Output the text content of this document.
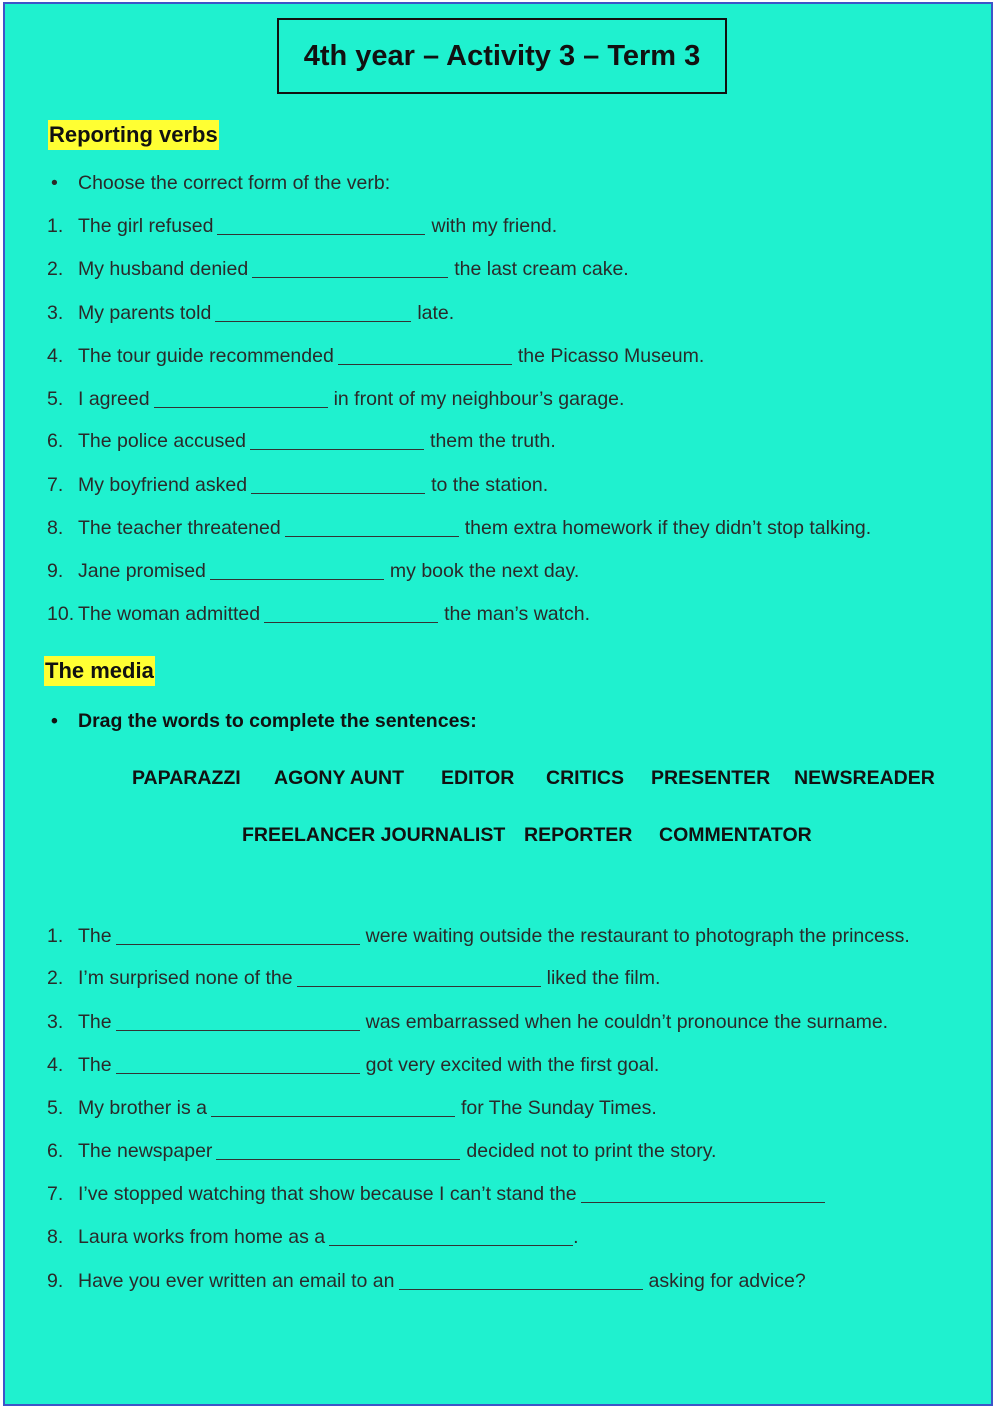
4th year – Activity 3 – Term 3
Reporting verbs
• Choose the correct form of the verb:
1. The girl refused	with my friend.
2. My husband denied	the last cream cake.
3. My parents told	late.
4. The tour guide recommended	the Picasso Museum.
5. I agreed	in front of my neighbour’s garage.
6. The police accused	them the truth.
7. My boyfriend asked	to the station.
8. The teacher threatened	them extra homework if they didn’t stop talking.
9. Jane promised	my book the next day.
10. The woman admitted	the man’s watch.
The media
• Drag the words to complete the sentences:
PAPARAZZI AGONY AUNT EDITOR CRITICS PRESENTER NEWSREADER
FREELANCER JOURNALIST REPORTER COMMENTATOR
1. The	were waiting outside the restaurant to photograph the princess.
2. I’m surprised none of the	liked the film.
3. The	was embarrassed when he couldn’t pronounce the surname.
4. The	got very excited with the first goal.
5. My brother is a	for The Sunday Times.
6. The newspaper	decided not to print the story.
7. I’ve stopped watching that show because I can’t stand the
8. Laura works from home as a	.
9. Have you ever written an email to an	asking for advice?
